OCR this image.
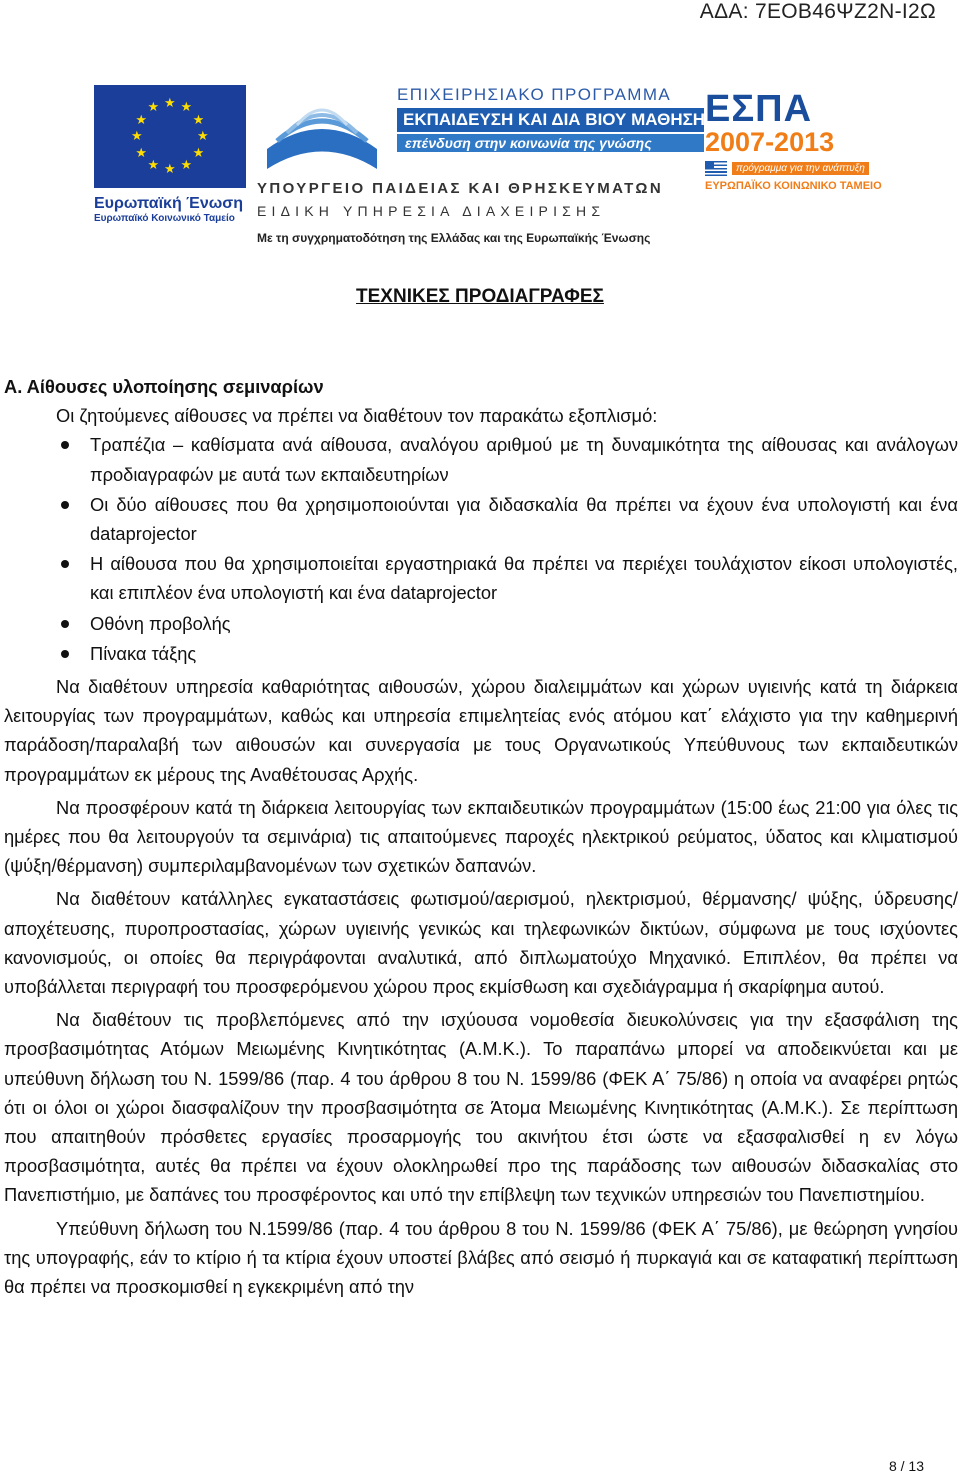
ΑΔΑ: 7ΕΟΒ46ΨΖ2Ν-Ι2Ω
★ ★
★
★
★
★
★
★
★
★
★
★
Ευρωπαϊκή Ένωση
Ευρωπαϊκό Κοινωνικό Ταμείο
ΕΠΙΧΕΙΡΗΣΙΑΚΟ ΠΡΟΓΡΑΜΜΑ
ΕΚΠΑΙΔΕΥΣΗ ΚΑΙ ΔΙΑ ΒΙΟΥ ΜΑΘΗΣΗ
επένδυση στην κοινωνία της γνώσης
ΥΠΟΥΡΓΕΙΟ ΠΑΙΔΕΙΑΣ ΚΑΙ ΘΡΗΣΚΕΥΜΑΤΩΝ
ΕΙΔΙΚΗ ΥΠΗΡΕΣΙΑ ΔΙΑΧΕΙΡΙΣΗΣ
Με τη συγχρηματοδότηση της Ελλάδας και της Ευρωπαϊκής Ένωσης
ΕΣΠΑ
2007-2013
πρόγραμμα για την ανάπτυξη
ΕΥΡΩΠΑΪΚΟ ΚΟΙΝΩΝΙΚΟ ΤΑΜΕΙΟ
ΤΕΧΝΙΚΕΣ ΠΡΟΔΙΑΓΡΑΦΕΣ

Α. Αίθουσες υλοποίησης σεμιναρίων

Οι ζητούμενες αίθουσες να πρέπει να διαθέτουν τον παρακάτω εξοπλισμό:

Τραπέζια – καθίσματα ανά αίθουσα, αναλόγου αριθμού με τη δυναμικότητα της αίθουσας και ανάλογων προδιαγραφών με αυτά των εκπαιδευτηρίων
Οι δύο αίθουσες που θα χρησιμοποιούνται για διδασκαλία θα πρέπει να έχουν ένα υπολογιστή και ένα dataprojector
Η αίθουσα που θα χρησιμοποιείται εργαστηριακά θα πρέπει να περιέχει τουλάχιστον είκοσι υπολογιστές, και επιπλέον ένα υπολογιστή και ένα dataprojector
Οθόνη προβολής
Πίνακα τάξης

Να διαθέτουν υπηρεσία καθαριότητας αιθουσών, χώρου διαλειμμάτων και χώρων υγιεινής κατά τη διάρκεια λειτουργίας των προγραμμάτων, καθώς και υπηρεσία επιμελητείας ενός ατόμου κατ΄ ελάχιστο για την καθημερινή παράδοση/παραλαβή των αιθουσών και συνεργασία με τους Οργανωτικούς Υπεύθυνους των εκπαιδευτικών προγραμμάτων εκ μέρους της Αναθέτουσας Αρχής.

Να προσφέρουν κατά τη διάρκεια λειτουργίας των εκπαιδευτικών προγραμμάτων (15:00 έως 21:00 για όλες τις ημέρες που θα λειτουργούν τα σεμινάρια) τις απαιτούμενες παροχές ηλεκτρικού ρεύματος, ύδατος και κλιματισμού (ψύξη/θέρμανση) συμπεριλαμβανομένων των σχετικών δαπανών.

Να διαθέτουν κατάλληλες εγκαταστάσεις φωτισμού/αερισμού, ηλεκτρισμού, θέρμανσης/ ψύξης, ύδρευσης/ αποχέτευσης, πυροπροστασίας, χώρων υγιεινής γενικώς και τηλεφωνικών δικτύων, σύμφωνα με τους ισχύοντες κανονισμούς, οι οποίες θα περιγράφονται αναλυτικά, από διπλωματούχο Μηχανικό. Επιπλέον, θα πρέπει να υποβάλλεται περιγραφή του προσφερόμενου χώρου προς εκμίσθωση και σχεδιάγραμμα ή σκαρίφημα αυτού.

Να διαθέτουν τις προβλεπόμενες από την ισχύουσα νομοθεσία διευκολύνσεις για την εξασφάλιση της προσβασιμότητας Ατόμων Μειωμένης Κινητικότητας (Α.Μ.Κ.). Το παραπάνω μπορεί να αποδεικνύεται και με υπεύθυνη δήλωση του Ν. 1599/86 (παρ. 4 του άρθρου 8 του Ν. 1599/86 (ΦΕΚ Α΄ 75/86) η οποία να αναφέρει ρητώς ότι οι όλοι οι χώροι διασφαλίζουν την προσβασιμότητα σε Άτομα Μειωμένης Κινητικότητας (Α.Μ.Κ.). Σε περίπτωση που απαιτηθούν πρόσθετες εργασίες προσαρμογής του ακινήτου έτσι ώστε να εξασφαλισθεί η εν λόγω προσβασιμότητα, αυτές θα πρέπει να έχουν ολοκληρωθεί προ της παράδοσης των αιθουσών διδασκαλίας στο Πανεπιστήμιο, με δαπάνες του προσφέροντος και υπό την επίβλεψη των τεχνικών υπηρεσιών του Πανεπιστημίου.

Υπεύθυνη δήλωση του Ν.1599/86 (παρ. 4 του άρθρου 8 του Ν. 1599/86 (ΦΕΚ Α΄ 75/86), με θεώρηση γνησίου της υπογραφής, εάν το κτίριο ή τα κτίρια έχουν υποστεί βλάβες από σεισμό ή πυρκαγιά και σε καταφατική περίπτωση θα πρέπει να προσκομισθεί η εγκεκριμένη από την

8 / 13
